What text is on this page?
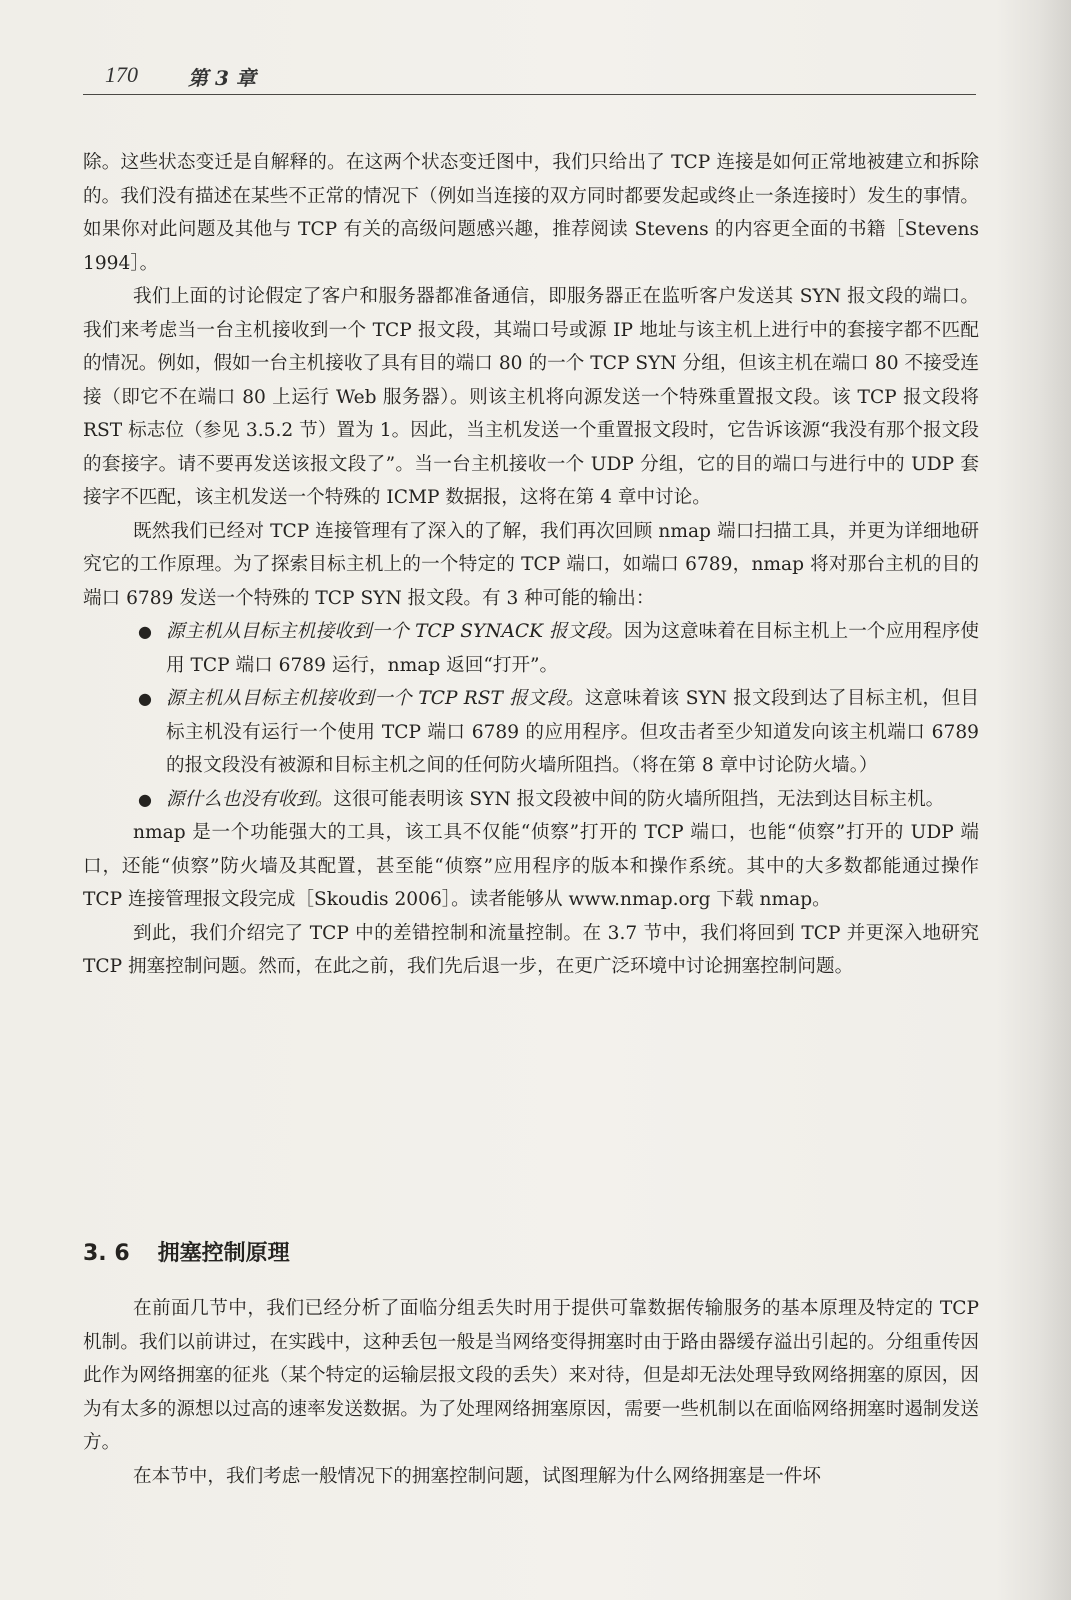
170	第 3 章

除。这些状态变迁是自解释的。在这两个状态变迁图中，我们只给出了 TCP 连接是如何正常地被建立和拆除的。我们没有描述在某些不正常的情况下（例如当连接的双方同时都要发起或终止一条连接时）发生的事情。如果你对此问题及其他与 TCP 有关的高级问题感兴趣，推荐阅读 Stevens 的内容更全面的书籍［Stevens 1994］。

我们上面的讨论假定了客户和服务器都准备通信，即服务器正在监听客户发送其 SYN 报文段的端口。我们来考虑当一台主机接收到一个 TCP 报文段，其端口号或源 IP 地址与该主机上进行中的套接字都不匹配的情况。例如，假如一台主机接收了具有目的端口 80 的一个 TCP SYN 分组，但该主机在端口 80 不接受连接（即它不在端口 80 上运行 Web 服务器）。则该主机将向源发送一个特殊重置报文段。该 TCP 报文段将 RST 标志位（参见 3.5.2 节）置为 1。因此，当主机发送一个重置报文段时，它告诉该源“我没有那个报文段的套接字。请不要再发送该报文段了”。当一台主机接收一个 UDP 分组，它的目的端口与进行中的 UDP 套接字不匹配，该主机发送一个特殊的 ICMP 数据报，这将在第 4 章中讨论。

既然我们已经对 TCP 连接管理有了深入的了解，我们再次回顾 nmap 端口扫描工具，并更为详细地研究它的工作原理。为了探索目标主机上的一个特定的 TCP 端口，如端口 6789，nmap 将对那台主机的目的端口 6789 发送一个特殊的 TCP SYN 报文段。有 3 种可能的输出：

● 源主机从目标主机接收到一个 TCP SYNACK 报文段。因为这意味着在目标主机上一个应用程序使用 TCP 端口 6789 运行，nmap 返回“打开”。
● 源主机从目标主机接收到一个 TCP RST 报文段。这意味着该 SYN 报文段到达了目标主机，但目标主机没有运行一个使用 TCP 端口 6789 的应用程序。但攻击者至少知道发向该主机端口 6789 的报文段没有被源和目标主机之间的任何防火墙所阻挡。（将在第 8 章中讨论防火墙。）
● 源什么也没有收到。这很可能表明该 SYN 报文段被中间的防火墙所阻挡，无法到达目标主机。

nmap 是一个功能强大的工具，该工具不仅能“侦察”打开的 TCP 端口，也能“侦察”打开的 UDP 端口，还能“侦察”防火墙及其配置，甚至能“侦察”应用程序的版本和操作系统。其中的大多数都能通过操作 TCP 连接管理报文段完成［Skoudis 2006］。读者能够从 www.nmap.org 下载 nmap。

到此，我们介绍完了 TCP 中的差错控制和流量控制。在 3.7 节中，我们将回到 TCP 并更深入地研究 TCP 拥塞控制问题。然而，在此之前，我们先后退一步，在更广泛环境中讨论拥塞控制问题。

3. 6 拥塞控制原理

在前面几节中，我们已经分析了面临分组丢失时用于提供可靠数据传输服务的基本原理及特定的 TCP 机制。我们以前讲过，在实践中，这种丢包一般是当网络变得拥塞时由于路由器缓存溢出引起的。分组重传因此作为网络拥塞的征兆（某个特定的运输层报文段的丢失）来对待，但是却无法处理导致网络拥塞的原因，因为有太多的源想以过高的速率发送数据。为了处理网络拥塞原因，需要一些机制以在面临网络拥塞时遏制发送方。

在本节中，我们考虑一般情况下的拥塞控制问题，试图理解为什么网络拥塞是一件坏
